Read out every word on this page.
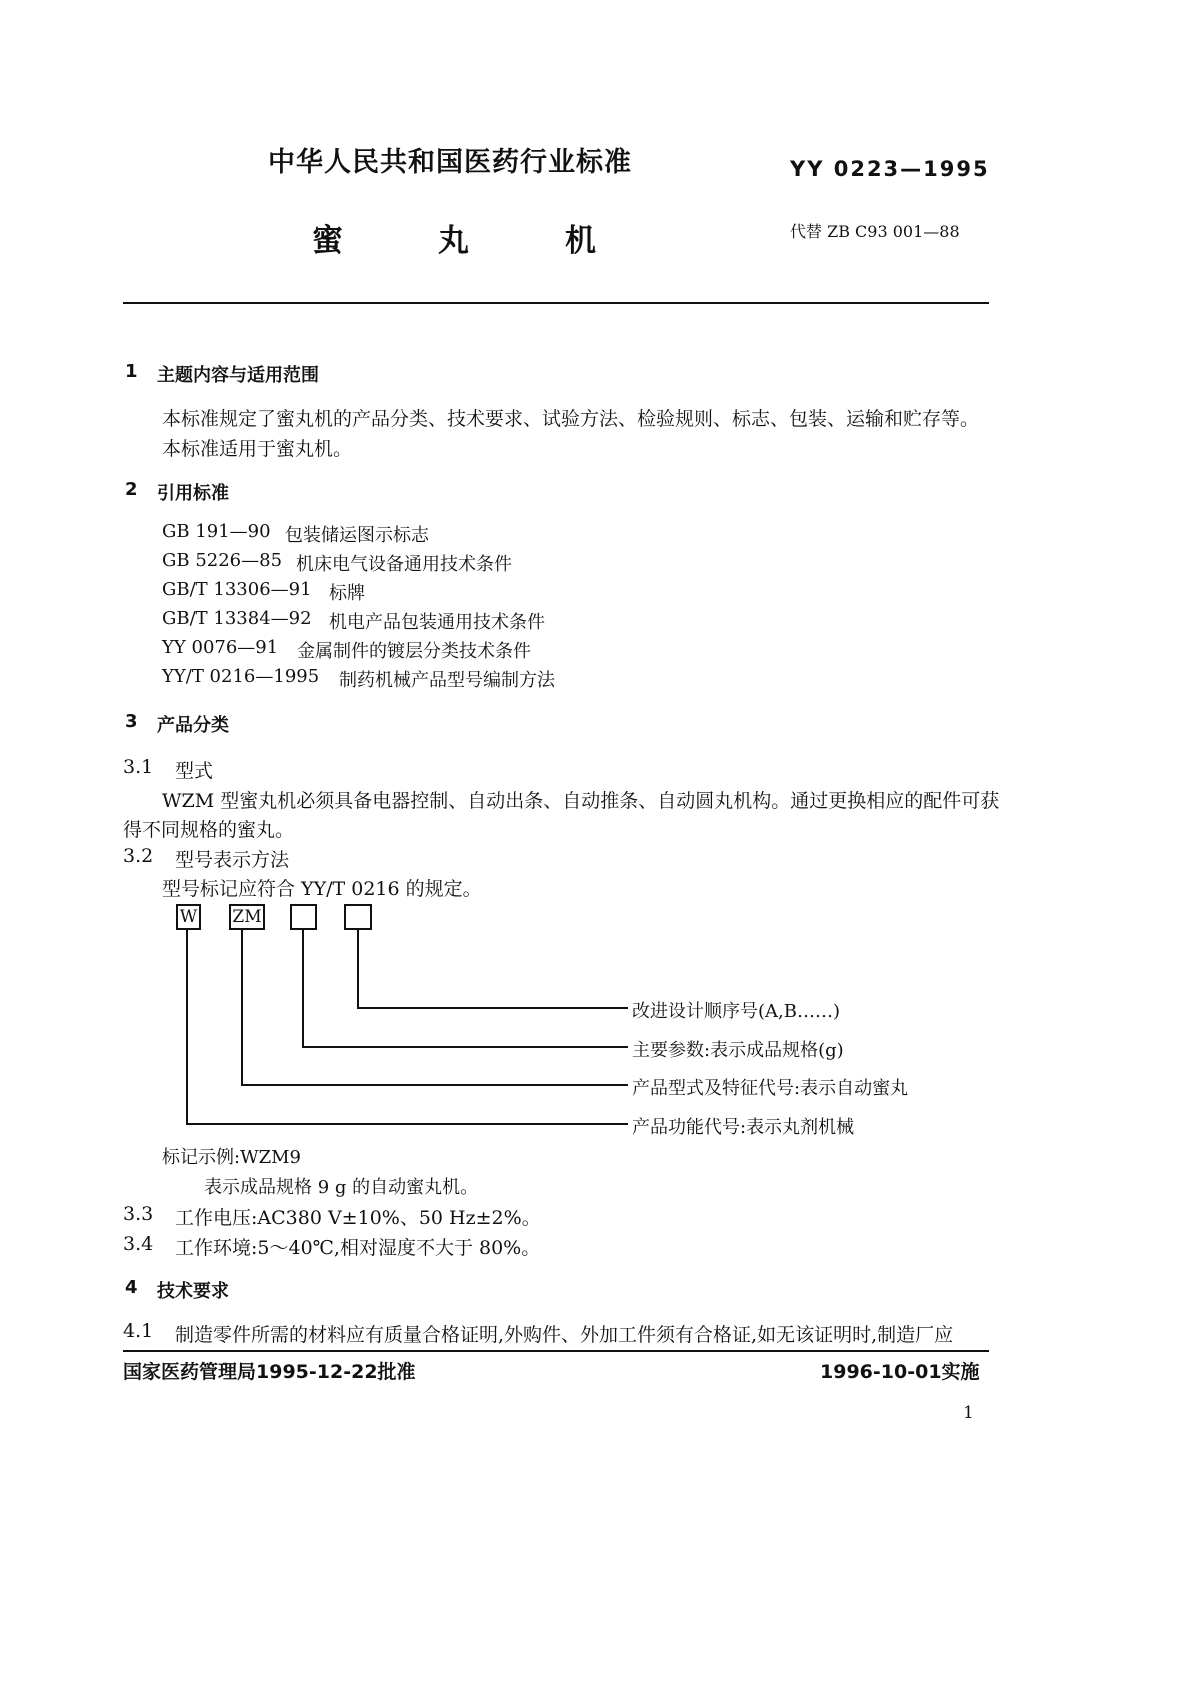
中华人民共和国医药行业标准	YY 0223—1995
蜜	丸	机	代替 ZB C93 001—88
1 主题内容与适用范围
本标准规定了蜜丸机的产品分类、技术要求、试验方法、检验规则、标志、包装、运输和贮存等。
本标准适用于蜜丸机。
2 引用标准
GB 191—90 包装储运图示标志
GB 5226—85 机床电气设备通用技术条件
GB/T 13306—91 标牌
GB/T 13384—92 机电产品包装通用技术条件
YY 0076—91 金属制件的镀层分类技术条件
YY/T 0216—1995 制药机械产品型号编制方法
3 产品分类
3.1 型式
WZM 型蜜丸机必须具备电器控制、自动出条、自动推条、自动圆丸机构。通过更换相应的配件可获
得不同规格的蜜丸。
3.2 型号表示方法
型号标记应符合 YY/T 0216 的规定。
W ZM
改进设计顺序号(A,B……)
主要参数:表示成品规格(g)
产品型式及特征代号:表示自动蜜丸
产品功能代号:表示丸剂机械
标记示例:WZM9
表示成品规格 9 g 的自动蜜丸机。
3.3 工作电压:AC380 V±10%、50 Hz±2%。
3.4 工作环境:5～40℃,相对湿度不大于 80%。
4 技术要求
4.1 制造零件所需的材料应有质量合格证明,外购件、外加工件须有合格证,如无该证明时,制造厂应
国家医药管理局1995-12-22批准	1996-10-01实施
1
